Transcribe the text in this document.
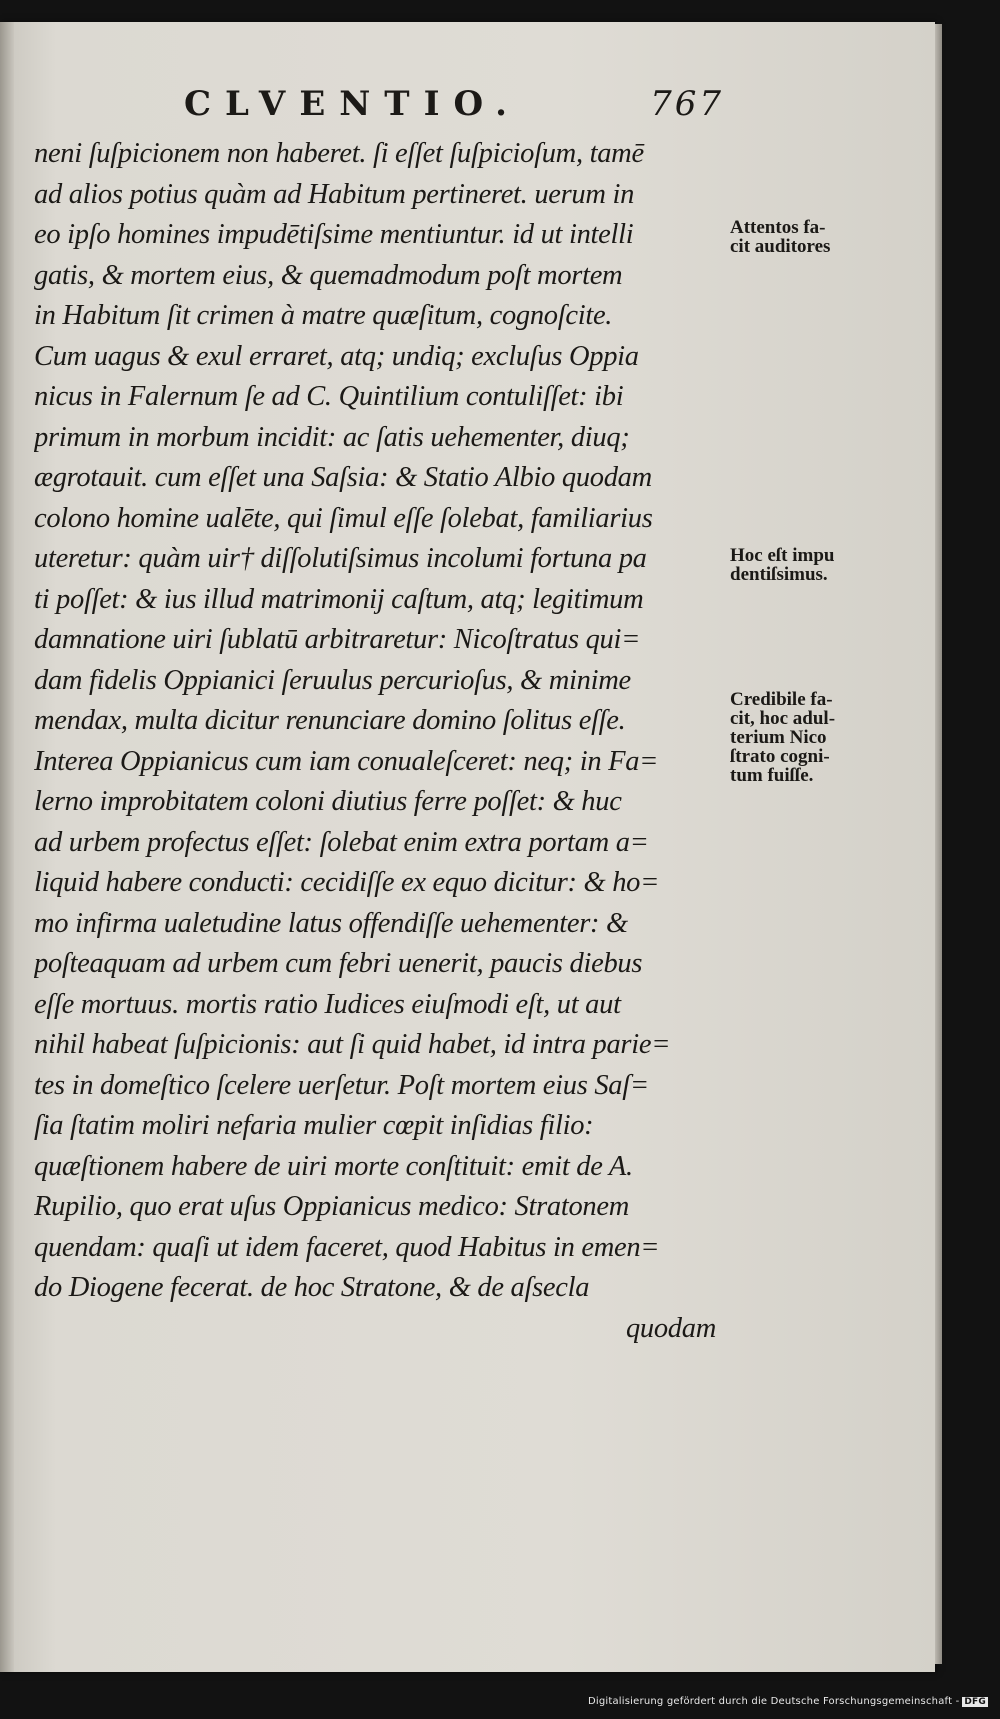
CLVENTIO.	767
neni ſuſpicionem non haberet. ſi eſſet ſuſpicioſum, tamē
ad alios potius quàm ad Habitum pertineret. uerum in
eo ipſo homines impudētiſsime mentiuntur. id ut intelli
gatis, & mortem eius, & quemadmodum poſt mortem
in Habitum ſit crimen à matre quæſitum, cognoſcite.
Cum uagus & exul erraret, atq; undiq; excluſus Oppia
nicus in Falernum ſe ad C. Quintilium contuliſſet: ibi
primum in morbum incidit: ac ſatis uehementer, diuq;
ægrotauit. cum eſſet una Saſsia: & Statio Albio quodam
colono homine ualēte, qui ſimul eſſe ſolebat, familiarius
uteretur: quàm uir† diſſolutiſsimus incolumi fortuna pa
ti poſſet: & ius illud matrimonij caſtum, atq; legitimum
damnatione uiri ſublatū arbitraretur: Nicoſtratus qui=
dam fidelis Oppianici ſeruulus percurioſus, & minime
mendax, multa dicitur renunciare domino ſolitus eſſe.
Interea Oppianicus cum iam conualeſceret: neq; in Fa=
lerno improbitatem coloni diutius ferre poſſet: & huc
ad urbem profectus eſſet: ſolebat enim extra portam a=
liquid habere conducti: cecidiſſe ex equo dicitur: & ho=
mo infirma ualetudine latus offendiſſe uehementer: &
poſteaquam ad urbem cum febri uenerit, paucis diebus
eſſe mortuus. mortis ratio Iudices eiuſmodi eſt, ut aut
nihil habeat ſuſpicionis: aut ſi quid habet, id intra parie=
tes in domeſtico ſcelere uerſetur. Poſt mortem eius Saſ=
ſia ſtatim moliri nefaria mulier cœpit inſidias filio:
quæſtionem habere de uiri morte conſtituit: emit de A.
Rupilio, quo erat uſus Oppianicus medico: Stratonem
quendam: quaſi ut idem faceret, quod Habitus in emen=
do Diogene fecerat. de hoc Stratone, & de aſsecla
quodam
Attentos fa-
cit auditores
Hoc eſt impu
dentiſsimus.
Credibile fa-
cit, hoc adul-
terium Nico
ſtrato cogni-
tum fuiſſe.
Digitalisierung gefördert durch die Deutsche Forschungsgemeinschaft - DFG
